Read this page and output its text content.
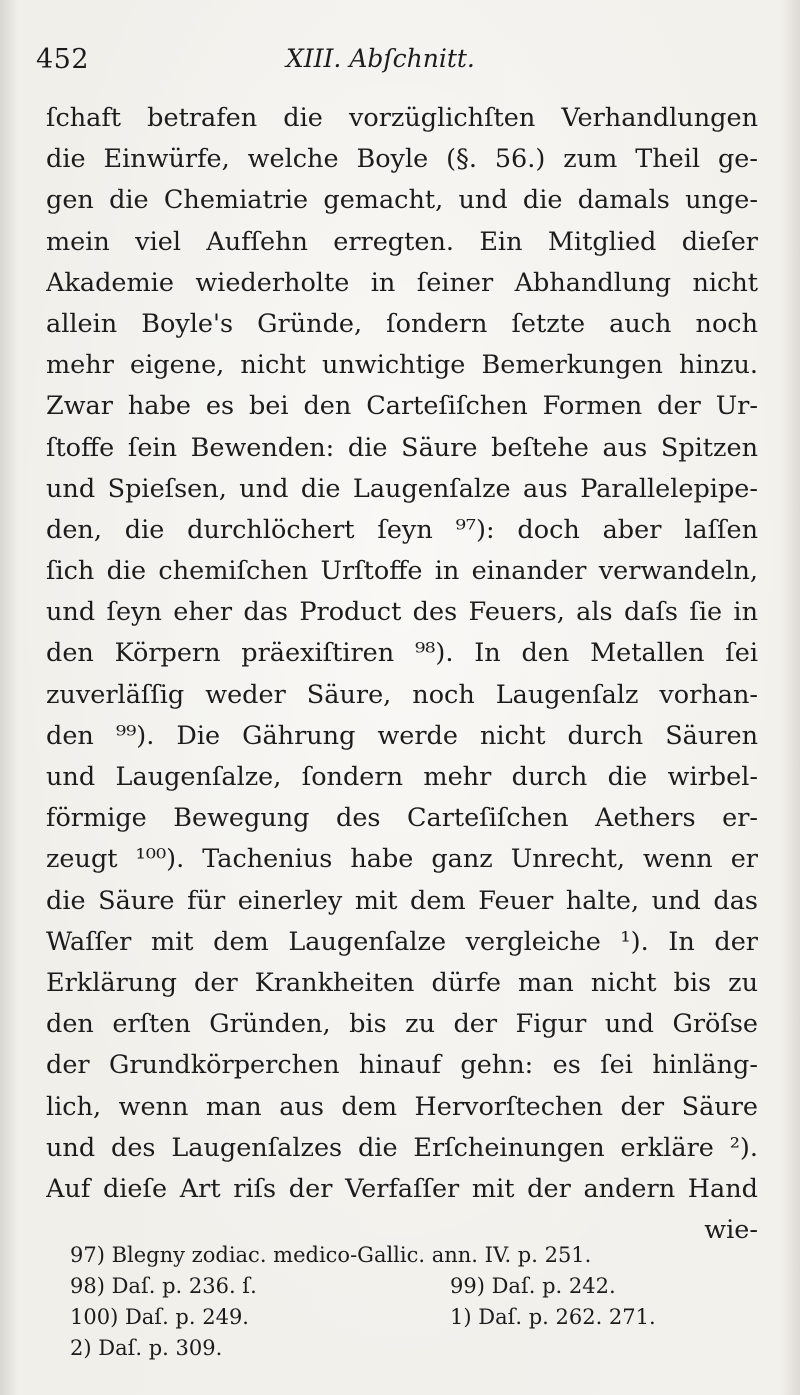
452	XIII. Abſchnitt.
ſchaft betrafen die vorzüglichſten Verhandlungen
die Einwürfe, welche Boyle (§. 56.) zum Theil ge-
gen die Chemiatrie gemacht, und die damals unge-
mein viel Aufſehn erregten. Ein Mitglied dieſer
Akademie wiederholte in ſeiner Abhandlung nicht
allein Boyle's Gründe, ſondern ſetzte auch noch
mehr eigene, nicht unwichtige Bemerkungen hinzu.
Zwar habe es bei den Carteſiſchen Formen der Ur-
ſtoffe ſein Bewenden: die Säure beſtehe aus Spitzen
und Spieſsen, und die Laugenſalze aus Parallelepipe-
den, die durchlöchert ſeyn ⁹⁷): doch aber laſſen
ſich die chemiſchen Urſtoffe in einander verwandeln,
und ſeyn eher das Product des Feuers, als daſs ſie in
den Körpern präexiſtiren ⁹⁸). In den Metallen ſei
zuverläſſig weder Säure, noch Laugenſalz vorhan-
den ⁹⁹). Die Gährung werde nicht durch Säuren
und Laugenſalze, ſondern mehr durch die wirbel-
förmige Bewegung des Carteſiſchen Aethers er-
zeugt ¹⁰⁰). Tachenius habe ganz Unrecht, wenn er
die Säure für einerley mit dem Feuer halte, und das
Waſſer mit dem Laugenſalze vergleiche ¹). In der
Erklärung der Krankheiten dürfe man nicht bis zu
den erſten Gründen, bis zu der Figur und Gröſse
der Grundkörperchen hinauf gehn: es ſei hinläng-
lich, wenn man aus dem Hervorſtechen der Säure
und des Laugenſalzes die Erſcheinungen erkläre ²).
Auf dieſe Art riſs der Verfaſſer mit der andern Hand
wie-
97) Blegny zodiac. medico-Gallic. ann. IV. p. 251.
98) Daſ. p. 236. ſ.	99) Daſ. p. 242.
100) Daſ. p. 249.	1) Daſ. p. 262. 271.
2) Daſ. p. 309.
